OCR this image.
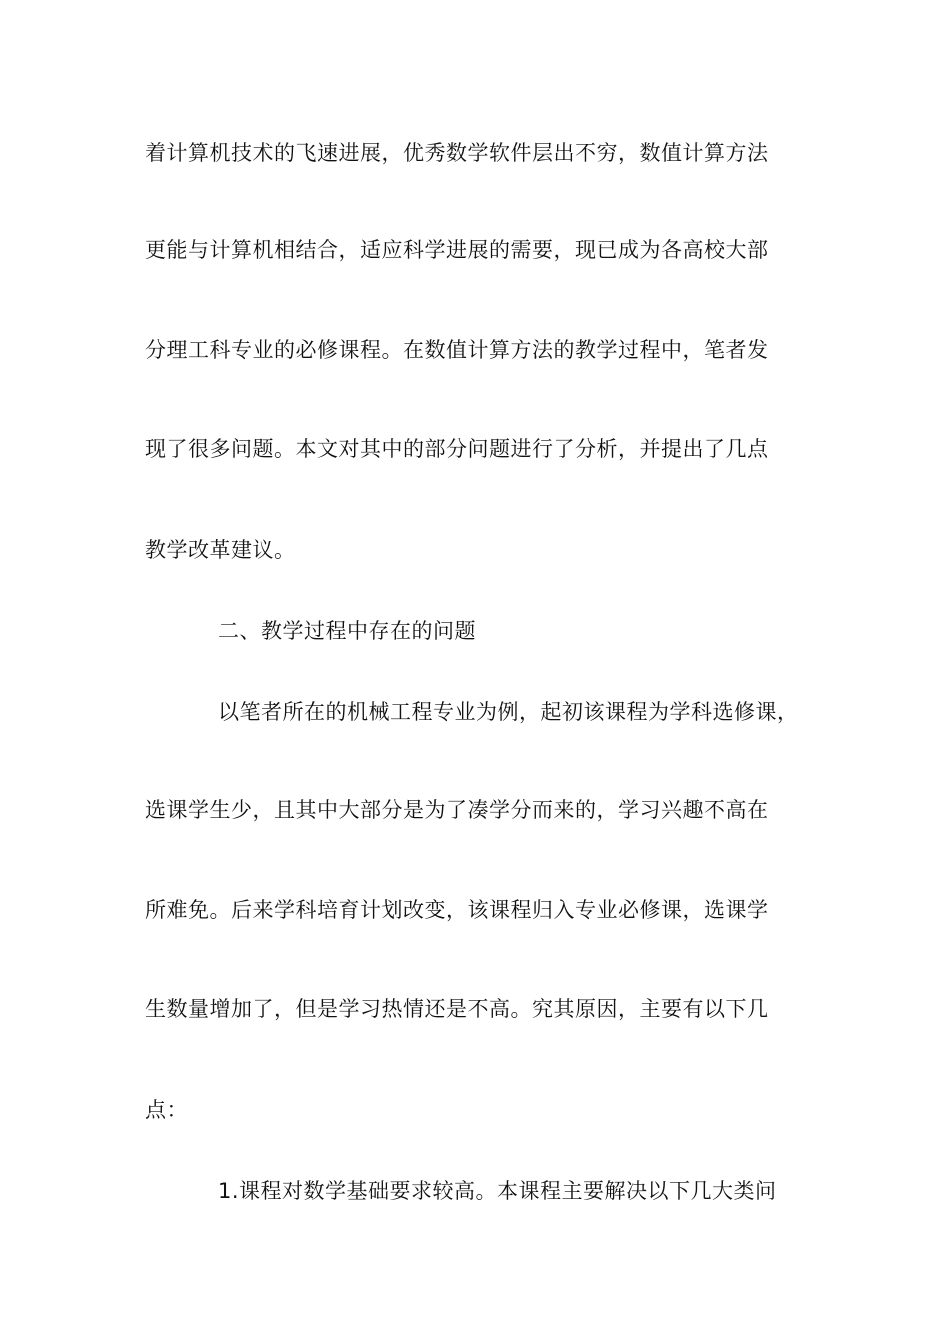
着计算机技术的飞速进展，优秀数学软件层出不穷，数值计算方法
更能与计算机相结合，适应科学进展的需要，现已成为各高校大部
分理工科专业的必修课程。在数值计算方法的教学过程中，笔者发
现了很多问题。本文对其中的部分问题进行了分析，并提出了几点
教学改革建议。
二、教学过程中存在的问题
以笔者所在的机械工程专业为例，起初该课程为学科选修课，
选课学生少，且其中大部分是为了凑学分而来的，学习兴趣不高在
所难免。后来学科培育计划改变，该课程归入专业必修课，选课学
生数量增加了，但是学习热情还是不高。究其原因，主要有以下几
点：
1.课程对数学基础要求较高。本课程主要解决以下几大类问
